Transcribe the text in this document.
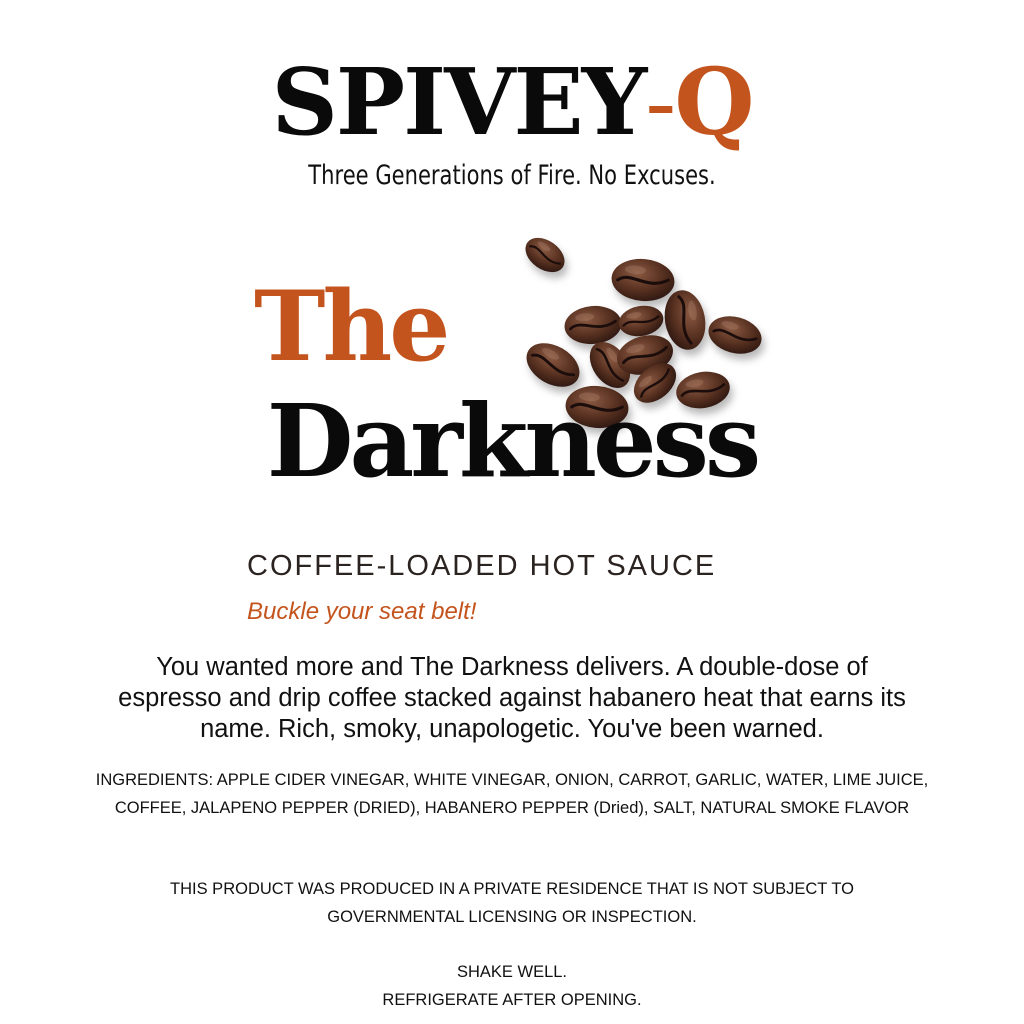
SPIVEY-Q
Three Generations of Fire. No Excuses.
The
Darkness
COFFEE-LOADED HOT SAUCE
Buckle your seat belt!
You wanted more and The Darkness delivers. A double-dose of espresso and drip coffee stacked against habanero heat that earns its name. Rich, smoky, unapologetic. You've been warned.
INGREDIENTS: APPLE CIDER VINEGAR, WHITE VINEGAR, ONION, CARROT, GARLIC, WATER, LIME JUICE, COFFEE, JALAPENO PEPPER (DRIED), HABANERO PEPPER (Dried), SALT, NATURAL SMOKE FLAVOR
THIS PRODUCT WAS PRODUCED IN A PRIVATE RESIDENCE THAT IS NOT SUBJECT TO GOVERNMENTAL LICENSING OR INSPECTION.
SHAKE WELL.
REFRIGERATE AFTER OPENING.
